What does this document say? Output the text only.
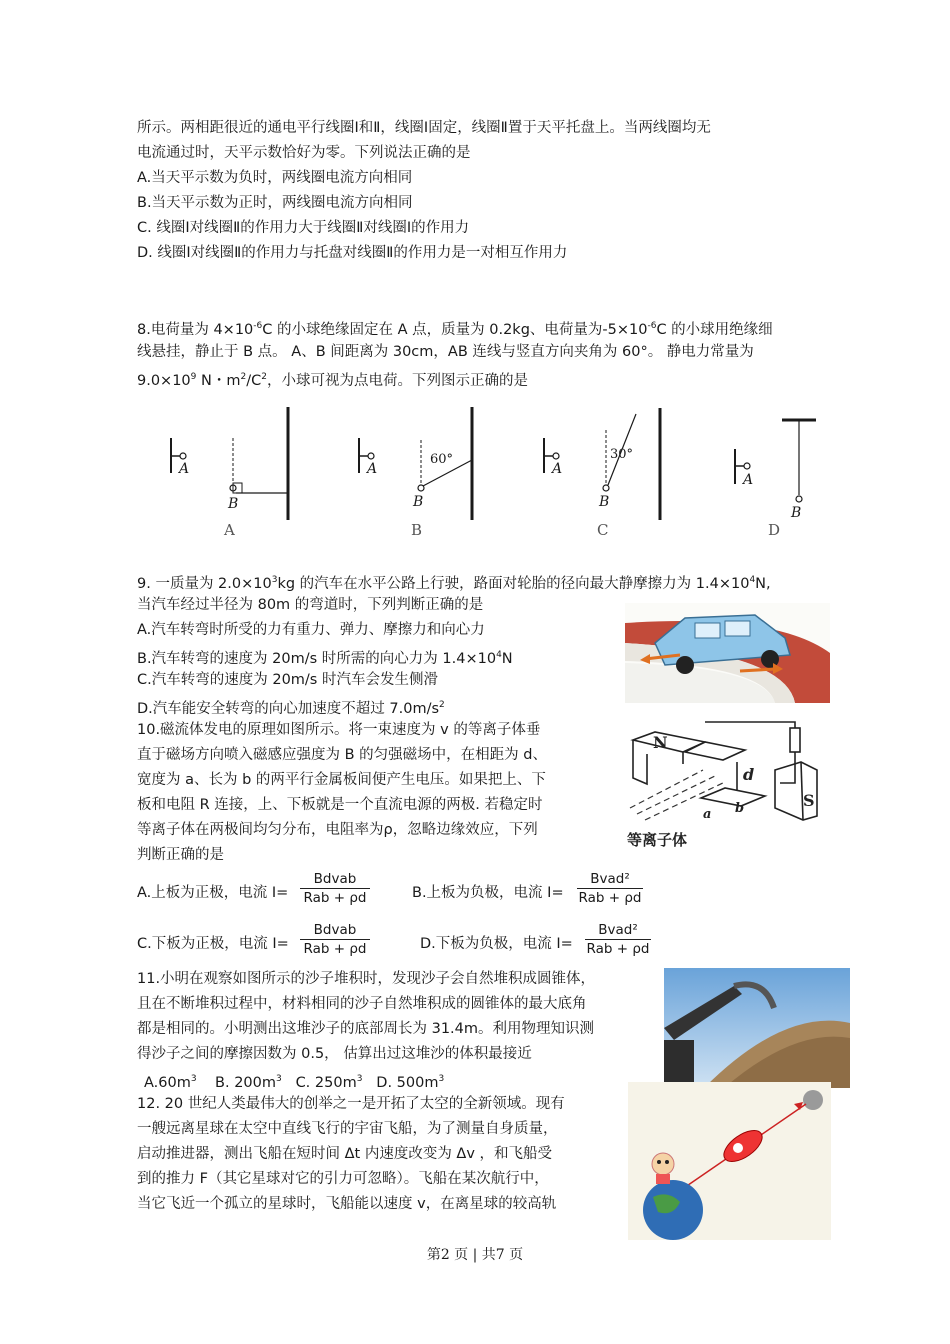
所示。两相距很近的通电平行线圈Ⅰ和Ⅱ，线圈Ⅰ固定，线圈Ⅱ置于天平托盘上。当两线圈均无
电流通过时，天平示数恰好为零。下列说法正确的是
A.当天平示数为负时，两线圈电流方向相同
B.当天平示数为正时，两线圈电流方向相同
C. 线圈Ⅰ对线圈Ⅱ的作用力大于线圈Ⅱ对线圈Ⅰ的作用力
D. 线圈Ⅰ对线圈Ⅱ的作用力与托盘对线圈Ⅱ的作用力是一对相互作用力
8.电荷量为 $4\times 10^{-6}C$ 的小球绝缘固定在 A 点，质量为 0.2kg、电荷量为$-5\times 10^{-6}C$ 的小球用绝缘细
线悬挂，静止于 B 点。 A、B 间距离为 30cm，AB 连线与竖直方向夹角为 60°。 静电力常量为
$9.0\times 10^9$ N・$m^2/C^2$，小球可视为点电荷。下列图示正确的是
A
B
A
B
A
B
A
B
60°	30°
A	B	C	D
9. 一质量为 $2.0\times 10^3kg$ 的汽车在水平公路上行驶，路面对轮胎的径向最大静摩擦力为 $1.4\times 10^4N$,
当汽车经过半径为 80m 的弯道时，下列判断正确的是
A.汽车转弯时所受的力有重力、弹力、摩擦力和向心力
B.汽车转弯的速度为 20m/s 时所需的向心力为 $1.4\times 10^4N$
C.汽车转弯的速度为 20m/s 时汽车会发生侧滑
D.汽车能安全转弯的向心加速度不超过 $7.0m/s^2$
10.磁流体发电的原理如图所示。将一束速度为 v 的等离子体垂
直于磁场方向喷入磁感应强度为 B 的匀强磁场中，在相距为 d、
宽度为 a、长为 b 的两平行金属板间便产生电压。如果把上、下
板和电阻 R 连接，上、下板就是一个直流电源的两极. 若稳定时
等离子体在两极间均匀分布，电阻率为ρ，忽略边缘效应，下列
判断正确的是
N
S
d
a b
等离子体
A.上板为正极，电流 I=
Bdvab
Rab + ρd	B.上板为负极，电流 I=
Bvad²
Rab + ρd
C.下板为正极，电流 I=
Bdvab
Rab + ρd	D.下板为负极，电流 I=
Bvad²
Rab + ρd
11.小明在观察如图所示的沙子堆积时，发现沙子会自然堆积成圆锥体，
且在不断堆积过程中，材料相同的沙子自然堆积成的圆锥体的最大底角
都是相同的。小明测出这堆沙子的底部周长为 31.4m。利用物理知识测
得沙子之间的摩擦因数为 0.5， 估算出过这堆沙的体积最接近
$A.60m^3$ B. $200m^3$ C. $250m^3$ D. $500m^3$
12. 20 世纪人类最伟大的创举之一是开拓了太空的全新领域。现有
一艘远离星球在太空中直线飞行的宇宙飞船，为了测量自身质量，
启动推进器，测出飞船在短时间 Δt 内速度改变为 Δv ，和飞船受
到的推力 F（其它星球对它的引力可忽略）。飞船在某次航行中，
当它飞近一个孤立的星球时，飞船能以速度 v，在离星球的较高轨
第2 页 | 共7 页
